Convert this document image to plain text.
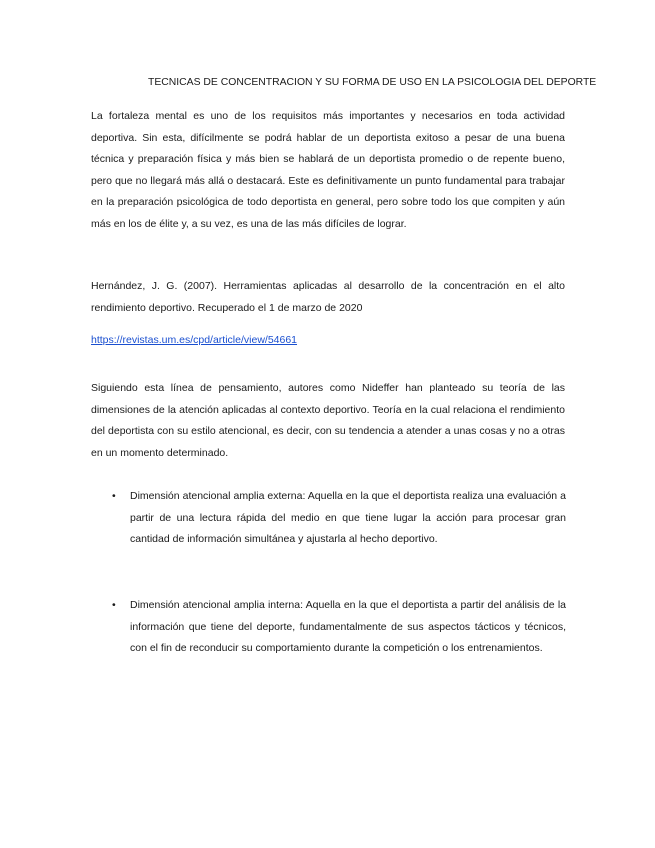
TECNICAS DE CONCENTRACION Y SU FORMA DE USO EN LA PSICOLOGIA DEL DEPORTE
La fortaleza mental es uno de los requisitos más importantes y necesarios en toda actividad deportiva. Sin esta, difícilmente se podrá hablar de un deportista exitoso a pesar de una buena técnica y preparación física y más bien se hablará de un deportista promedio o de repente bueno, pero que no llegará más allá o destacará. Este es definitivamente un punto fundamental para trabajar en la preparación psicológica de todo deportista en general, pero sobre todo los que compiten y aún más en los de élite y, a su vez, es una de las más difíciles de lograr.
Hernández, J. G. (2007). Herramientas aplicadas al desarrollo de la concentración en el alto rendimiento deportivo. Recuperado el 1 de marzo de 2020
https://revistas.um.es/cpd/article/view/54661
Siguiendo esta línea de pensamiento, autores como Nideffer han planteado su teoría de las dimensiones de la atención aplicadas al contexto deportivo. Teoría en la cual relaciona el rendimiento del deportista con su estilo atencional, es decir, con su tendencia a atender a unas cosas y no a otras en un momento determinado.
•	Dimensión atencional amplia externa: Aquella en la que el deportista realiza una evaluación a partir de una lectura rápida del medio en que tiene lugar la acción para procesar gran cantidad de información simultánea y ajustarla al hecho deportivo.
•	Dimensión atencional amplia interna: Aquella en la que el deportista a partir del análisis de la información que tiene del deporte, fundamentalmente de sus aspectos tácticos y técnicos, con el fin de reconducir su comportamiento durante la competición o los entrenamientos.
